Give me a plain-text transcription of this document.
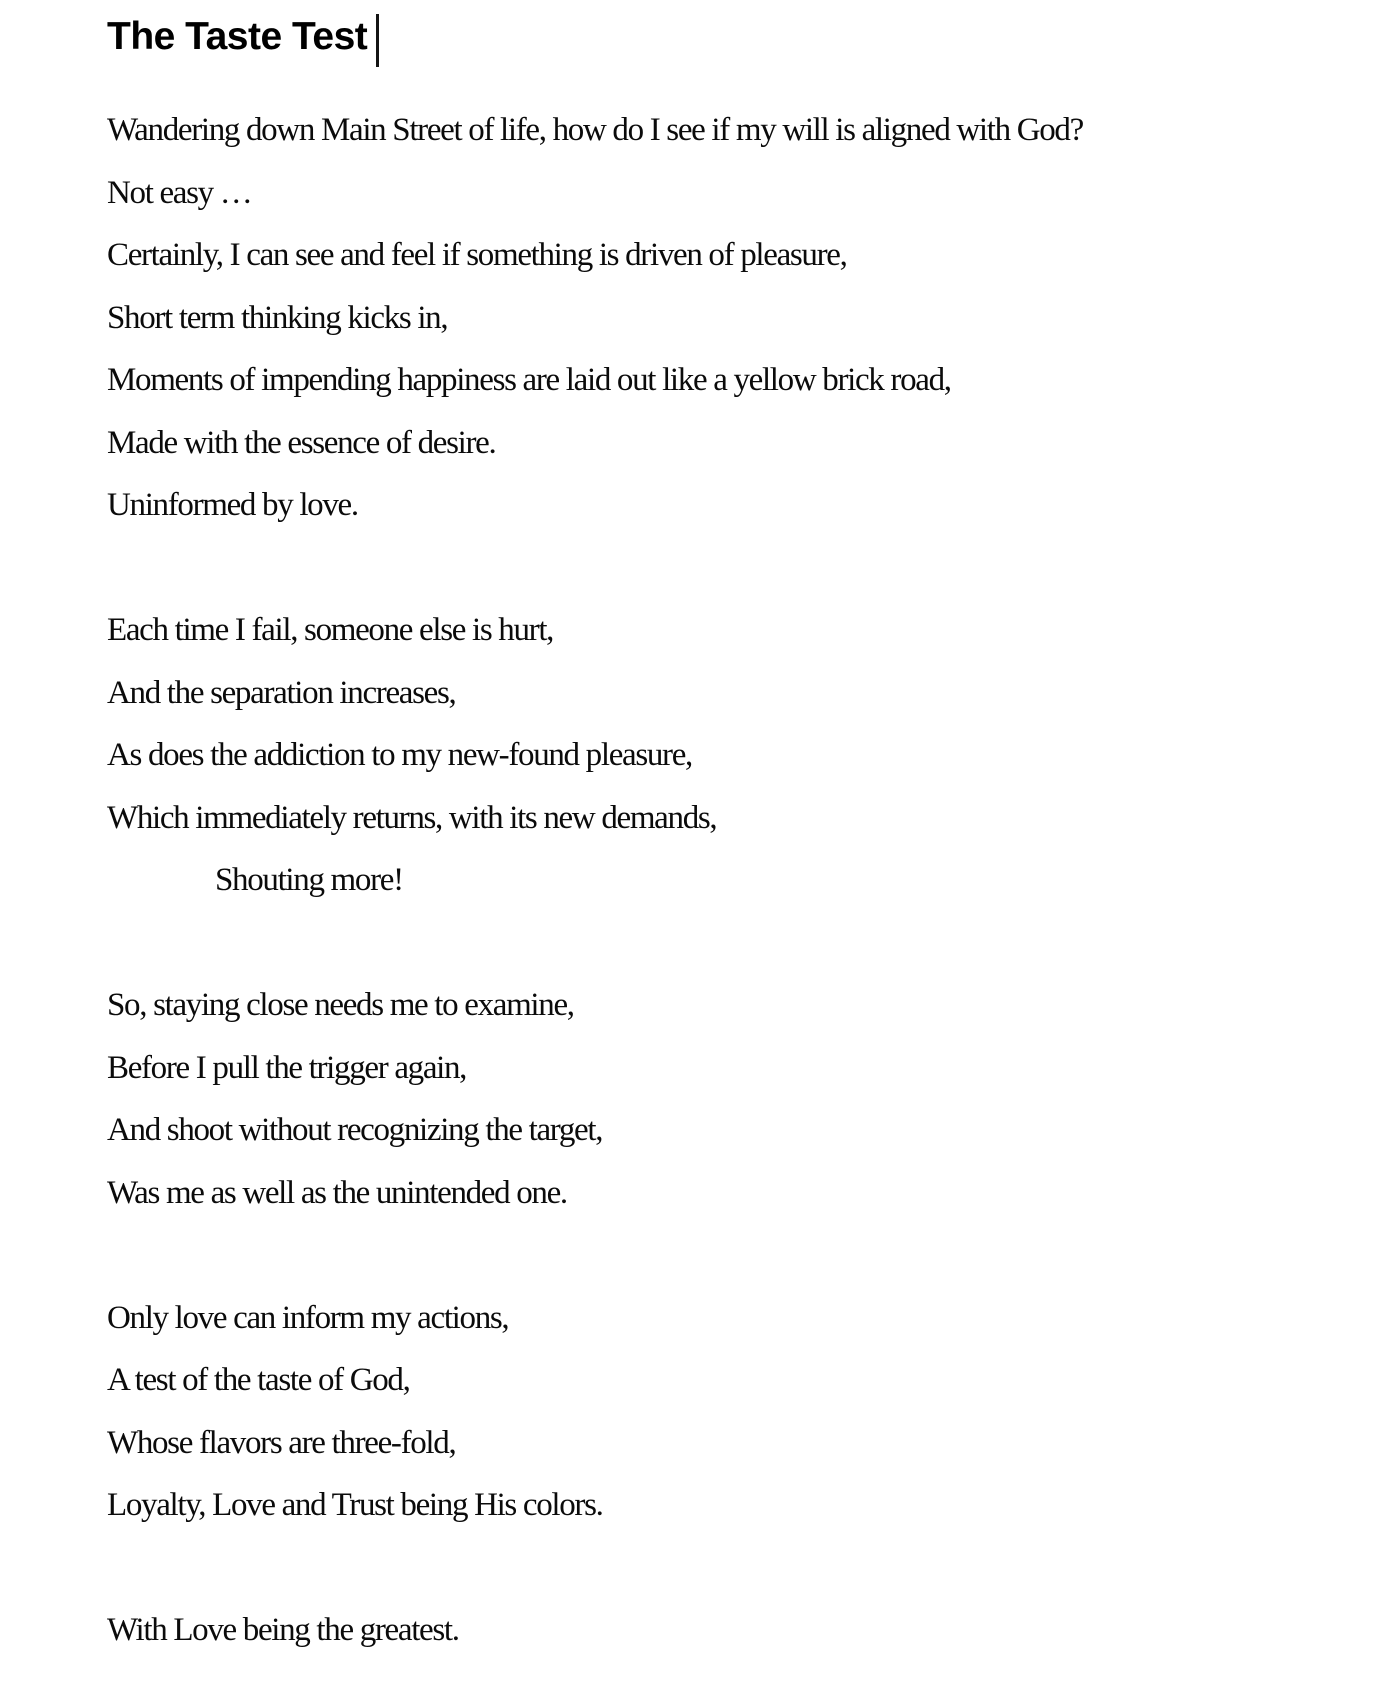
The Taste Test

Wandering down Main Street of life, how do I see if my will is aligned with God?

Not easy …

Certainly, I can see and feel if something is driven of pleasure,

Short term thinking kicks in,

Moments of impending happiness are laid out like a yellow brick road,

Made with the essence of desire.

Uninformed by love.

Each time I fail, someone else is hurt,

And the separation increases,

As does the addiction to my new-found pleasure,

Which immediately returns, with its new demands,

Shouting more!

So, staying close needs me to examine,

Before I pull the trigger again,

And shoot without recognizing the target,

Was me as well as the unintended one.

Only love can inform my actions,

A test of the taste of God,

Whose flavors are three-fold,

Loyalty, Love and Trust being His colors.

With Love being the greatest.
